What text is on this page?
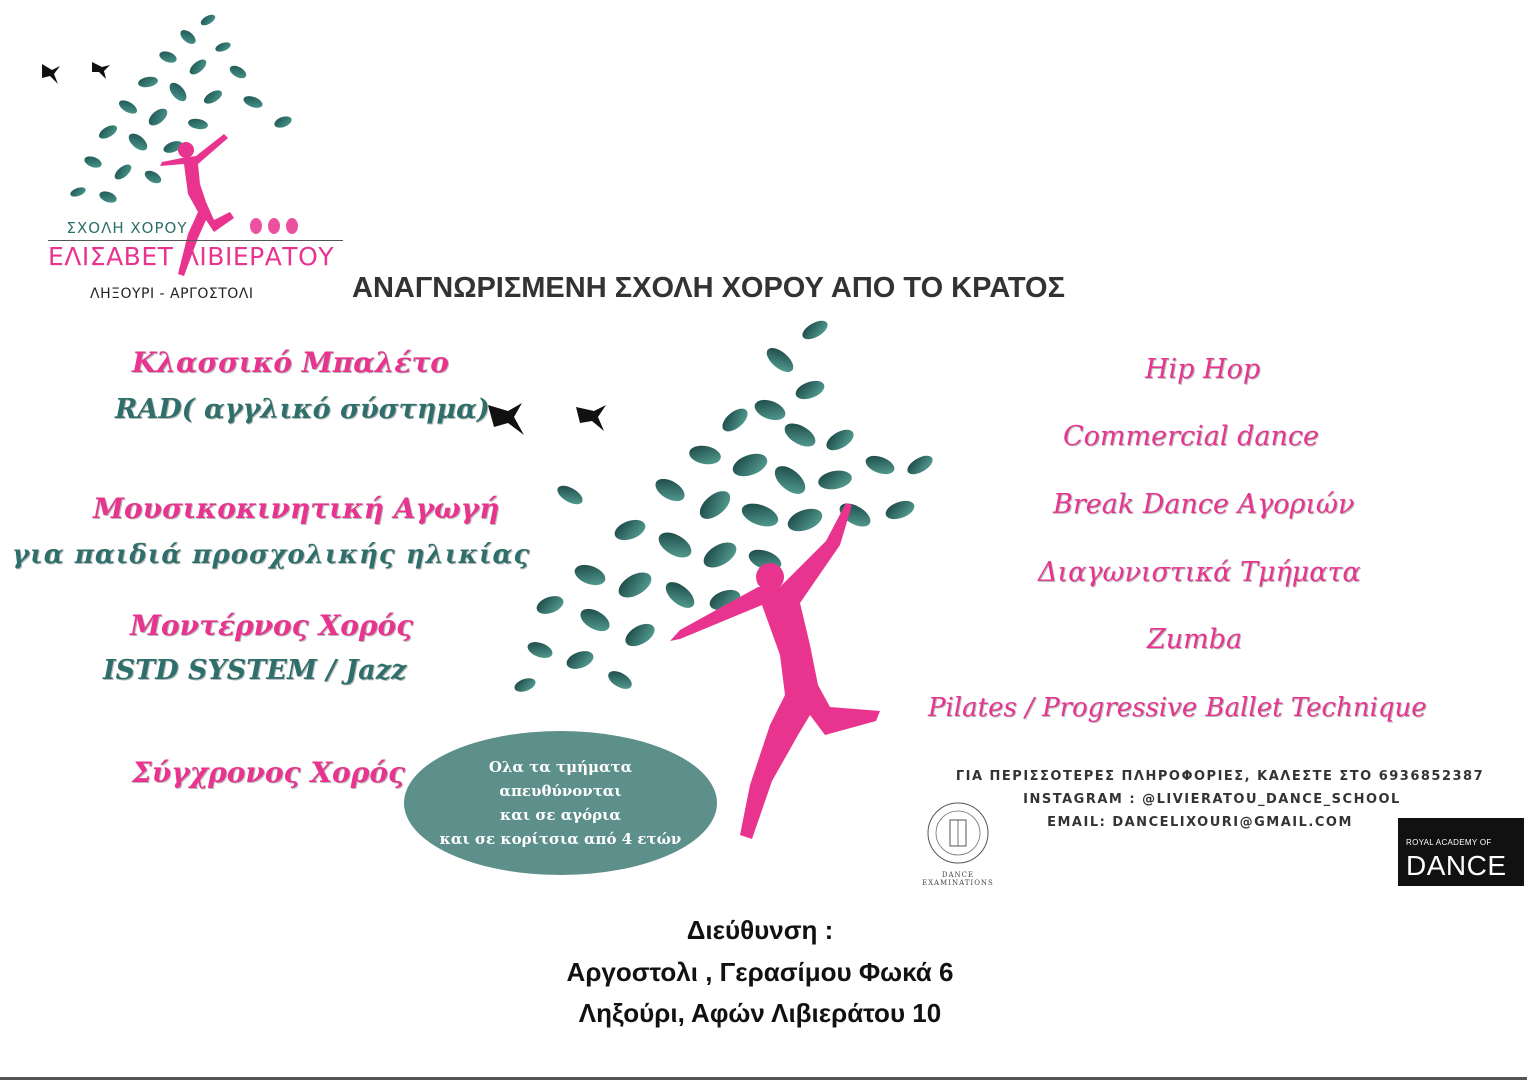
ΣΧΟΛΗ ΧΟΡΟΥ
ΕΛΙΣΑΒΕΤ ΛΙΒΙΕΡΑΤΟΥ
ΛΗΞΟΥΡΙ - ΑΡΓΟΣΤΟΛΙ	ΑΝΑΓΝΩΡΙΣΜΕΝΗ ΣΧΟΛΗ ΧΟΡΟΥ ΑΠΟ ΤΟ ΚΡΑΤΟΣ
Κλασσικό Μπαλέτο
RAD( αγγλικό σύστημα)
Μουσικοκινητική Αγωγή
για παιδιά προσχολικής ηλικίας
Μοντέρνος Χορός
ISTD SYSTEM / Jazz
Σύγχρονος Χορός	Ολα τα τμήματα
απευθύνονται
και σε αγόρια
και σε κορίτσια από 4 ετών
Hip Hop
Commercial dance
Break Dance Αγοριών
Διαγωνιστικά Τμήματα
Zumba
Pilates / Progressive Ballet Technique
ΓΙΑ ΠΕΡΙΣΣΟΤΕΡΕΣ ΠΛΗΡΟΦΟΡΙΕΣ, ΚΑΛΕΣΤΕ ΣΤΟ 6936852387
INSTAGRAM : @LIVIERATOU_DANCE_SCHOOL
EMAIL: DANCELIXOURI@GMAIL.COM
DANCE
EXAMINATIONS
ROYAL ACADEMY OF
DANCE
Διεύθυνση :
Αργοστολι , Γερασίμου Φωκά 6
Ληξούρι, Αφών Λιβιεράτου 10
